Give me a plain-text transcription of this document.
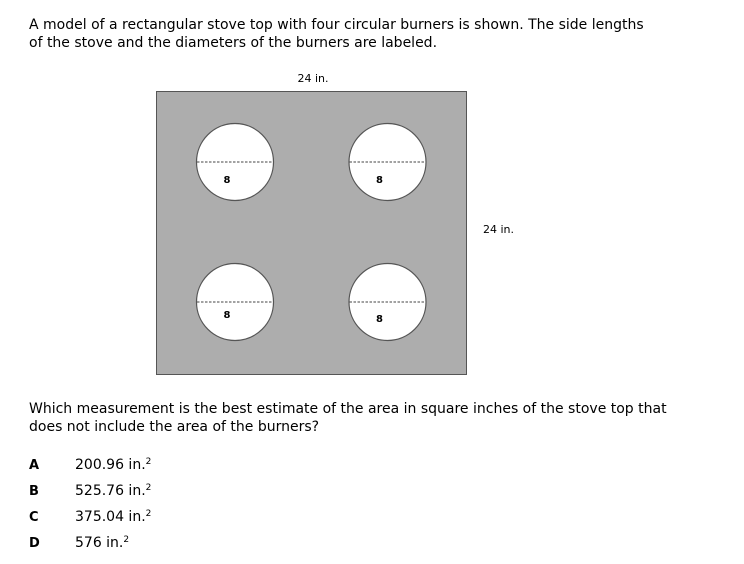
A model of a rectangular stove top with four circular burners is shown. The side lengths
of the stove and the diameters of the burners are labeled.
24 in.
24 in.
8	8
8	8
Which measurement is the best estimate of the area in square inches of the stove top that
does not include the area of the burners?
A	200.96 in.$^2$
B	525.76 in.$^2$
C	375.04 in.$^2$
D	576 in.$^2$
